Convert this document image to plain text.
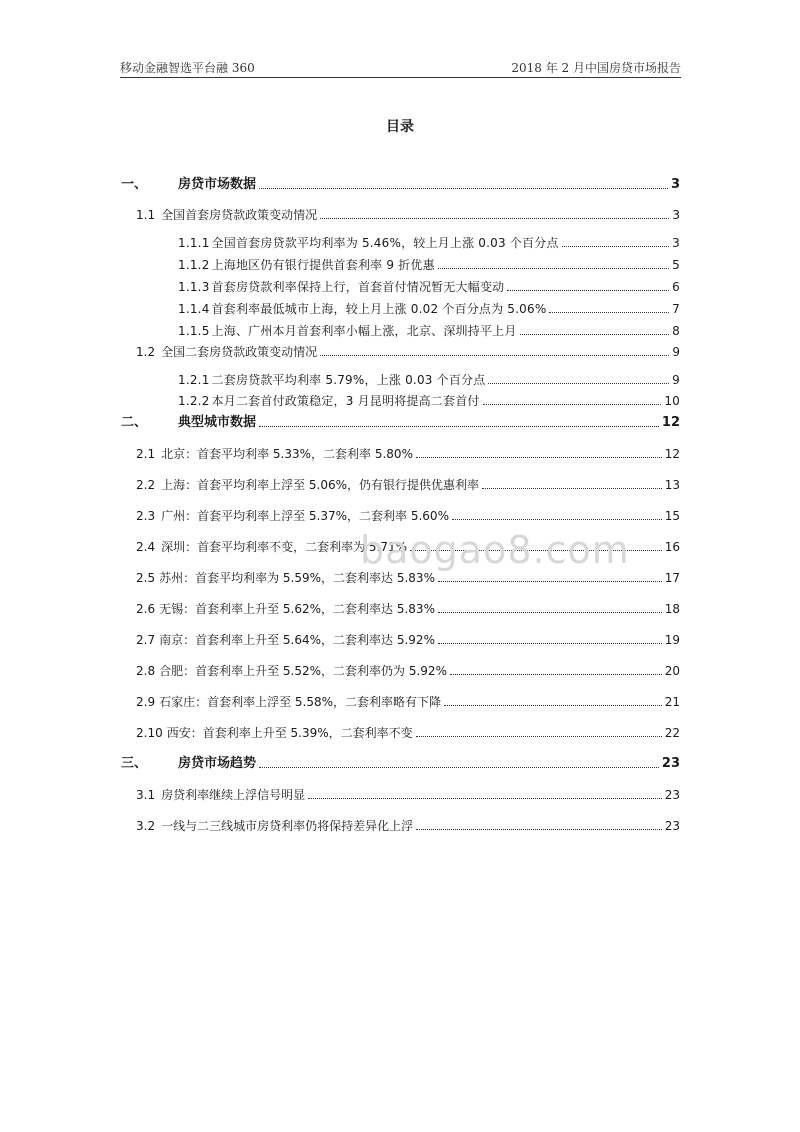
移动金融智选平台融 360	2018 年 2 月中国房贷市场报告
目录
一、	房贷市场数据	3
1.1 全国首套房贷款政策变动情况	3
1.1.1 全国首套房贷款平均利率为 5.46%，较上月上涨 0.03 个百分点	3
1.1.2 上海地区仍有银行提供首套利率 9 折优惠	5
1.1.3 首套房贷款利率保持上行，首套首付情况暂无大幅变动	6
1.1.4 首套利率最低城市上海，较上月上涨 0.02 个百分点为 5.06%	7
1.1.5 上海、广州本月首套利率小幅上涨，北京、深圳持平上月	8
1.2 全国二套房贷款政策变动情况	9
1.2.1 二套房贷款平均利率 5.79%，上涨 0.03 个百分点	9
1.2.2 本月二套首付政策稳定，3 月昆明将提高二套首付	10
二、	典型城市数据	12
2.1 北京：首套平均利率 5.33%，二套利率 5.80%	12
2.2 上海：首套平均利率上浮至 5.06%，仍有银行提供优惠利率	13
2.3 广州：首套平均利率上浮至 5.37%，二套利率 5.60%	15
2.4 深圳：首套平均利率不变，二套利率为 5.71%	16
2.5 苏州：首套平均利率为 5.59%，二套利率达 5.83%	17
2.6 无锡：首套利率上升至 5.62%，二套利率达 5.83%	18
2.7 南京：首套利率上升至 5.64%，二套利率达 5.92%	19
2.8 合肥：首套利率上升至 5.52%，二套利率仍为 5.92%	20
2.9 石家庄：首套利率上浮至 5.58%，二套利率略有下降	21
2.10 西安：首套利率上升至 5.39%，二套利率不变	22
三、	房贷市场趋势	23
3.1 房贷利率继续上浮信号明显	23
3.2 一线与二三线城市房贷利率仍将保持差异化上浮	23
baogao8.com
